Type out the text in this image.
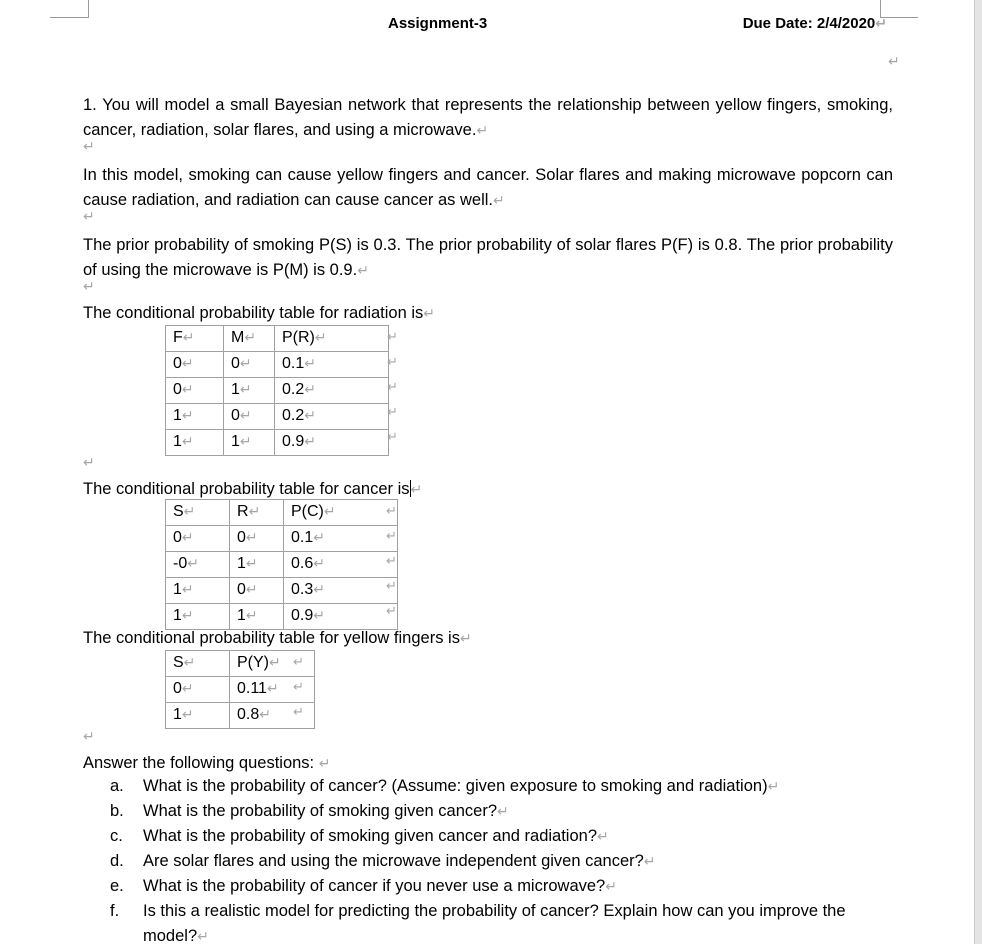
Assignment-3	Due Date: 2/4/2020↵
↵

1. You will model a small Bayesian network that represents the relationship between yellow fingers, smoking, cancer, radiation, solar flares, and using a microwave.↵

↵

In this model, smoking can cause yellow fingers and cancer. Solar flares and making microwave popcorn can cause radiation, and radiation can cause cancer as well.↵

↵

The prior probability of smoking P(S) is 0.3. The prior probability of solar flares P(F) is 0.8. The prior probability of using the microwave is P(M) is 0.9.↵

↵

The conditional probability table for radiation is↵

F↵	M↵	P(R)↵
0↵	0↵	0.1↵
0↵	1↵	0.2↵
1↵	0↵	0.2↵
1↵	1↵	0.9↵
↵
↵
↵
↵
↵
↵

The conditional probability table for cancer is↵

S↵	R↵	P(C)↵
0↵	0↵	0.1↵
-0↵	1↵	0.6↵
1↵	0↵	0.3↵
1↵	1↵	0.9↵
↵
↵
↵
↵
↵

The conditional probability table for yellow fingers is↵

S↵	P(Y)↵
0↵	0.11↵
1↵	0.8↵
↵
↵
↵
↵

Answer the following questions: ↵

a.	What is the probability of cancer? (Assume: given exposure to smoking and radiation)↵
b.	What is the probability of smoking given cancer?↵
c.	What is the probability of smoking given cancer and radiation?↵
d.	Are solar flares and using the microwave independent given cancer?↵
e.	What is the probability of cancer if you never use a microwave?↵
f.	Is this a realistic model for predicting the probability of cancer? Explain how can you improve the model?↵
